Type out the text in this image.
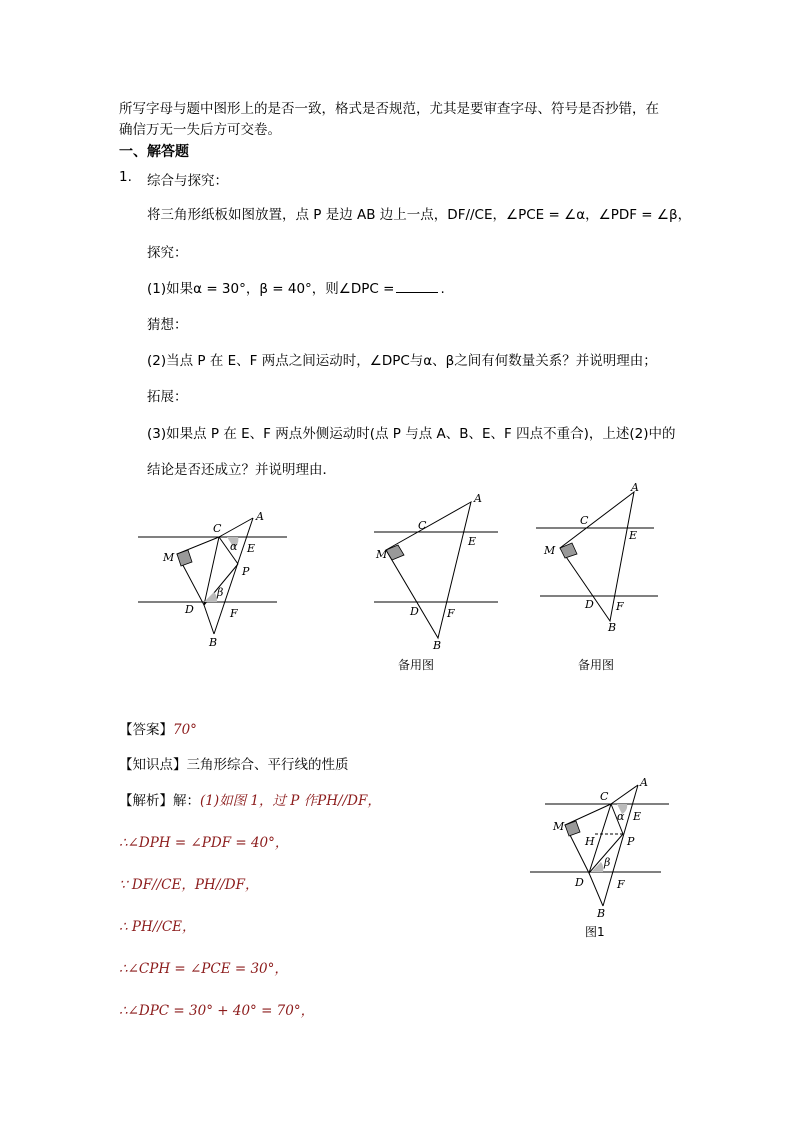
所写字母与题中图形上的是否一致，格式是否规范，尤其是要审查字母、符号是否抄错，在
确信万无一失后方可交卷。
一、解答题
1. 综合与探究：
将三角形纸板如图放置，点 P 是边 AB 边上一点，DF//CE，∠PCE = ∠α，∠PDF = ∠β，
探究：
(1)如果α = 30°，β = 40°，则∠DPC =	.
猜想：
(2)当点 P 在 E、F 两点之间运动时，∠DPC与α、β之间有何数量关系？并说明理由；
拓展：
(3)如果点 P 在 E、F 两点外侧运动时(点 P 与点 A、B、E、F 四点不重合)，上述(2)中的
结论是否还成立？并说明理由．
A
C
α E
M
P
β
D	F
B
A
C
E
M
D	F
B
备用图
A
C
E
M
D F
B
备用图
【答案】70°
【知识点】三角形综合、平行线的性质
【解析】解：(1)如图 1，过 P 作PH//DF，
∴∠DPH = ∠PDF = 40°，
∵ DF//CE，PH//DF，
∴ PH//CE，
∴∠CPH = ∠PCE = 30°，
∴∠DPC = 30° + 40° = 70°，
A
C
α E
M
H	P
β
D	F
B
图1
